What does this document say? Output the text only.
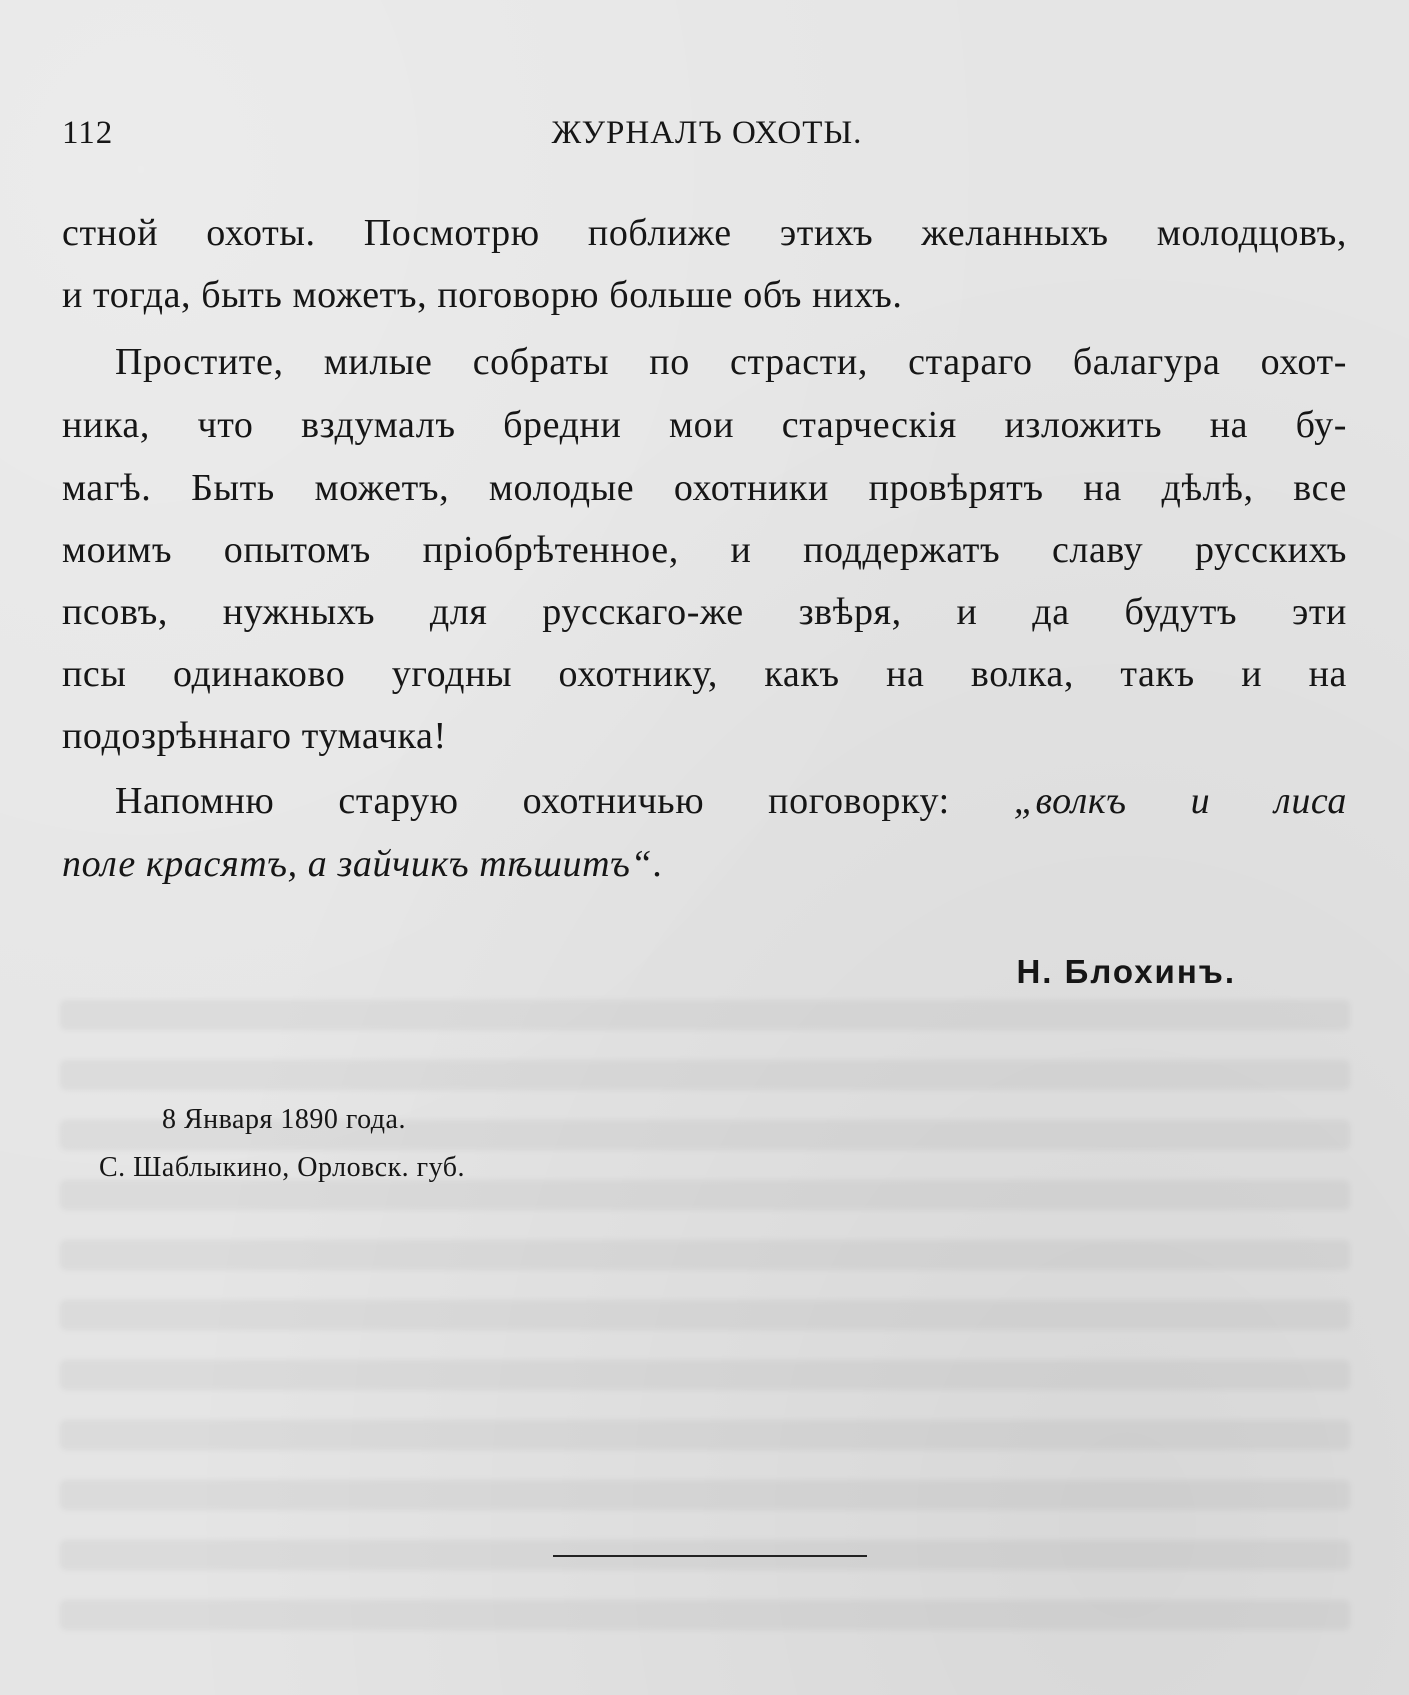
112	ЖУРНАЛЪ ОХОТЫ.
стной охоты. Посмотрю поближе этихъ желанныхъ молодцовъ,
и тогда, быть можетъ, поговорю больше объ нихъ.
Простите, милые собраты по страсти, стараго балагура охот-
ника, что вздумалъ бредни мои старческія изложить на бу-
магѣ. Быть можетъ, молодые охотники провѣрятъ на дѣлѣ, все
моимъ опытомъ пріобрѣтенное, и поддержатъ славу русскихъ
псовъ, нужныхъ для русскаго-же звѣря, и да будутъ эти
псы одинаково угодны охотнику, какъ на волка, такъ и на
подозрѣннаго тумачка!
Напомню старую охотничью поговорку: „волкъ и лиса
поле красятъ, а зайчикъ тѣшитъ“.
Н. Блохинъ.
8 Января 1890 года.
С. Шаблыкино, Орловск. губ.
